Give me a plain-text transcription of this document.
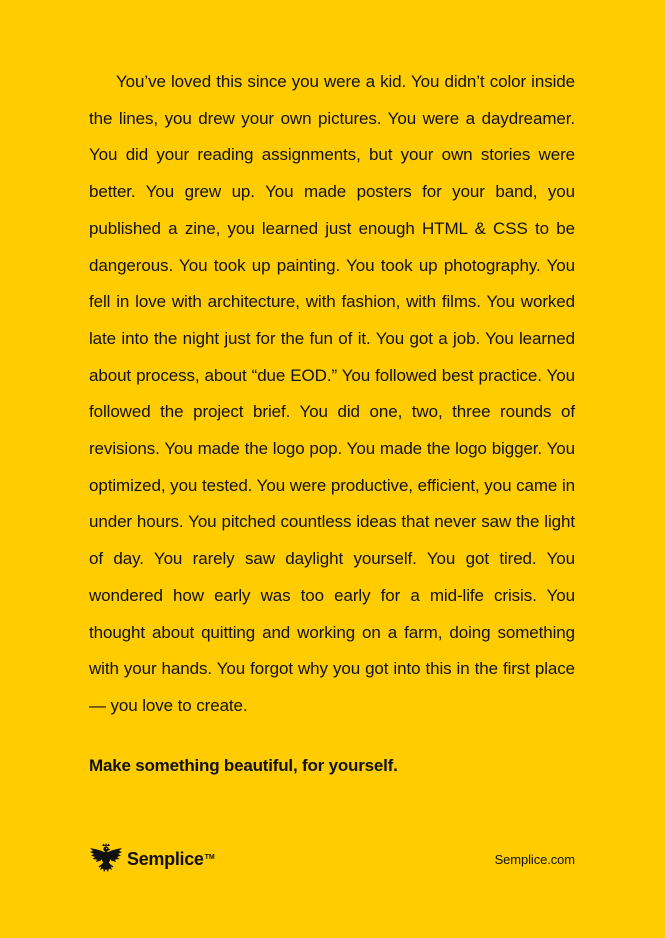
You’ve loved this since you were a kid. You didn’t color inside the lines, you drew your own pictures. You were a daydreamer. You did your reading assignments, but your own stories were better. You grew up. You made posters for your band, you published a zine, you learned just enough HTML & CSS to be dangerous. You took up painting. You took up photography. You fell in love with architecture, with fashion, with films. You worked late into the night just for the fun of it. You got a job. You learned about process, about “due EOD.” You followed best practice. You followed the project brief. You did one, two, three rounds of revisions. You made the logo pop. You made the logo bigger. You optimized, you tested. You were productive, efficient, you came in under hours. You pitched countless ideas that never saw the light of day. You rarely saw daylight yourself. You got tired. You wondered how early was too early for a mid-life crisis. You thought about quitting and working on a farm, doing something with your hands. You forgot why you got into this in the first place — you love to create.

Make something beautiful, for yourself.

Semplice TM	Semplice.com
